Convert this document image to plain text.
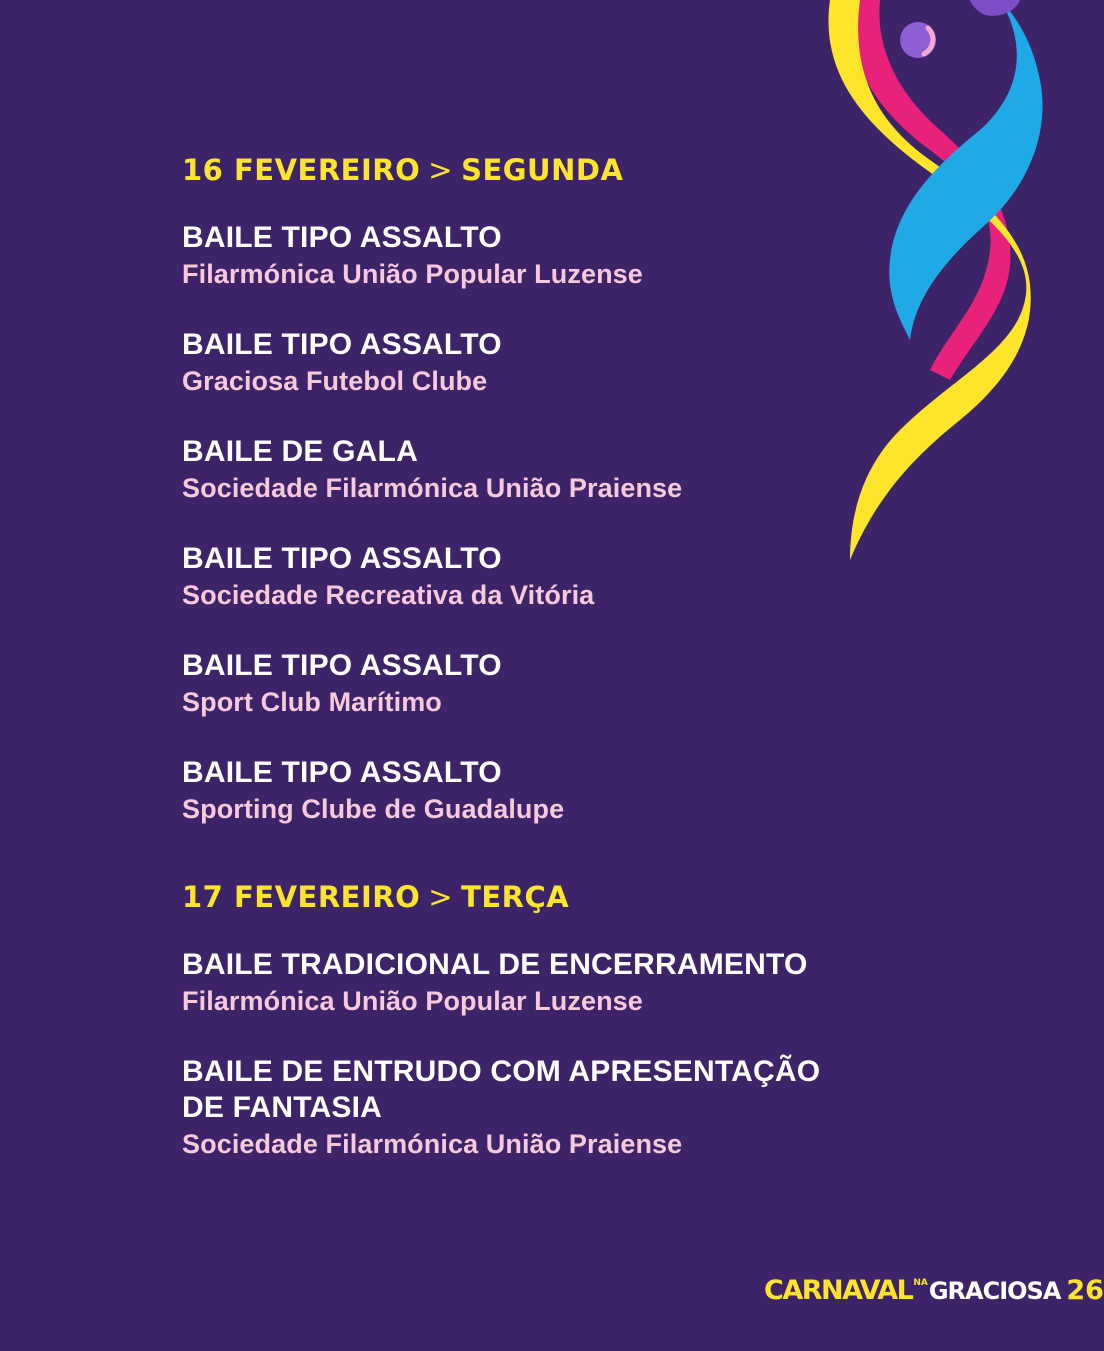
16 FEVEREIRO > SEGUNDA
BAILE TIPO ASSALTO
Filarmónica União Popular Luzense
BAILE TIPO ASSALTO
Graciosa Futebol Clube
BAILE DE GALA
Sociedade Filarmónica União Praiense
BAILE TIPO ASSALTO
Sociedade Recreativa da Vitória
BAILE TIPO ASSALTO
Sport Club Marítimo
BAILE TIPO ASSALTO
Sporting Clube de Guadalupe
17 FEVEREIRO > TERÇA
BAILE TRADICIONAL DE ENCERRAMENTO
Filarmónica União Popular Luzense
BAILE DE ENTRUDO COM APRESENTAÇÃO
DE FANTASIA
Sociedade Filarmónica União Praiense
CARNAVAL NA GRACIOSA 26
